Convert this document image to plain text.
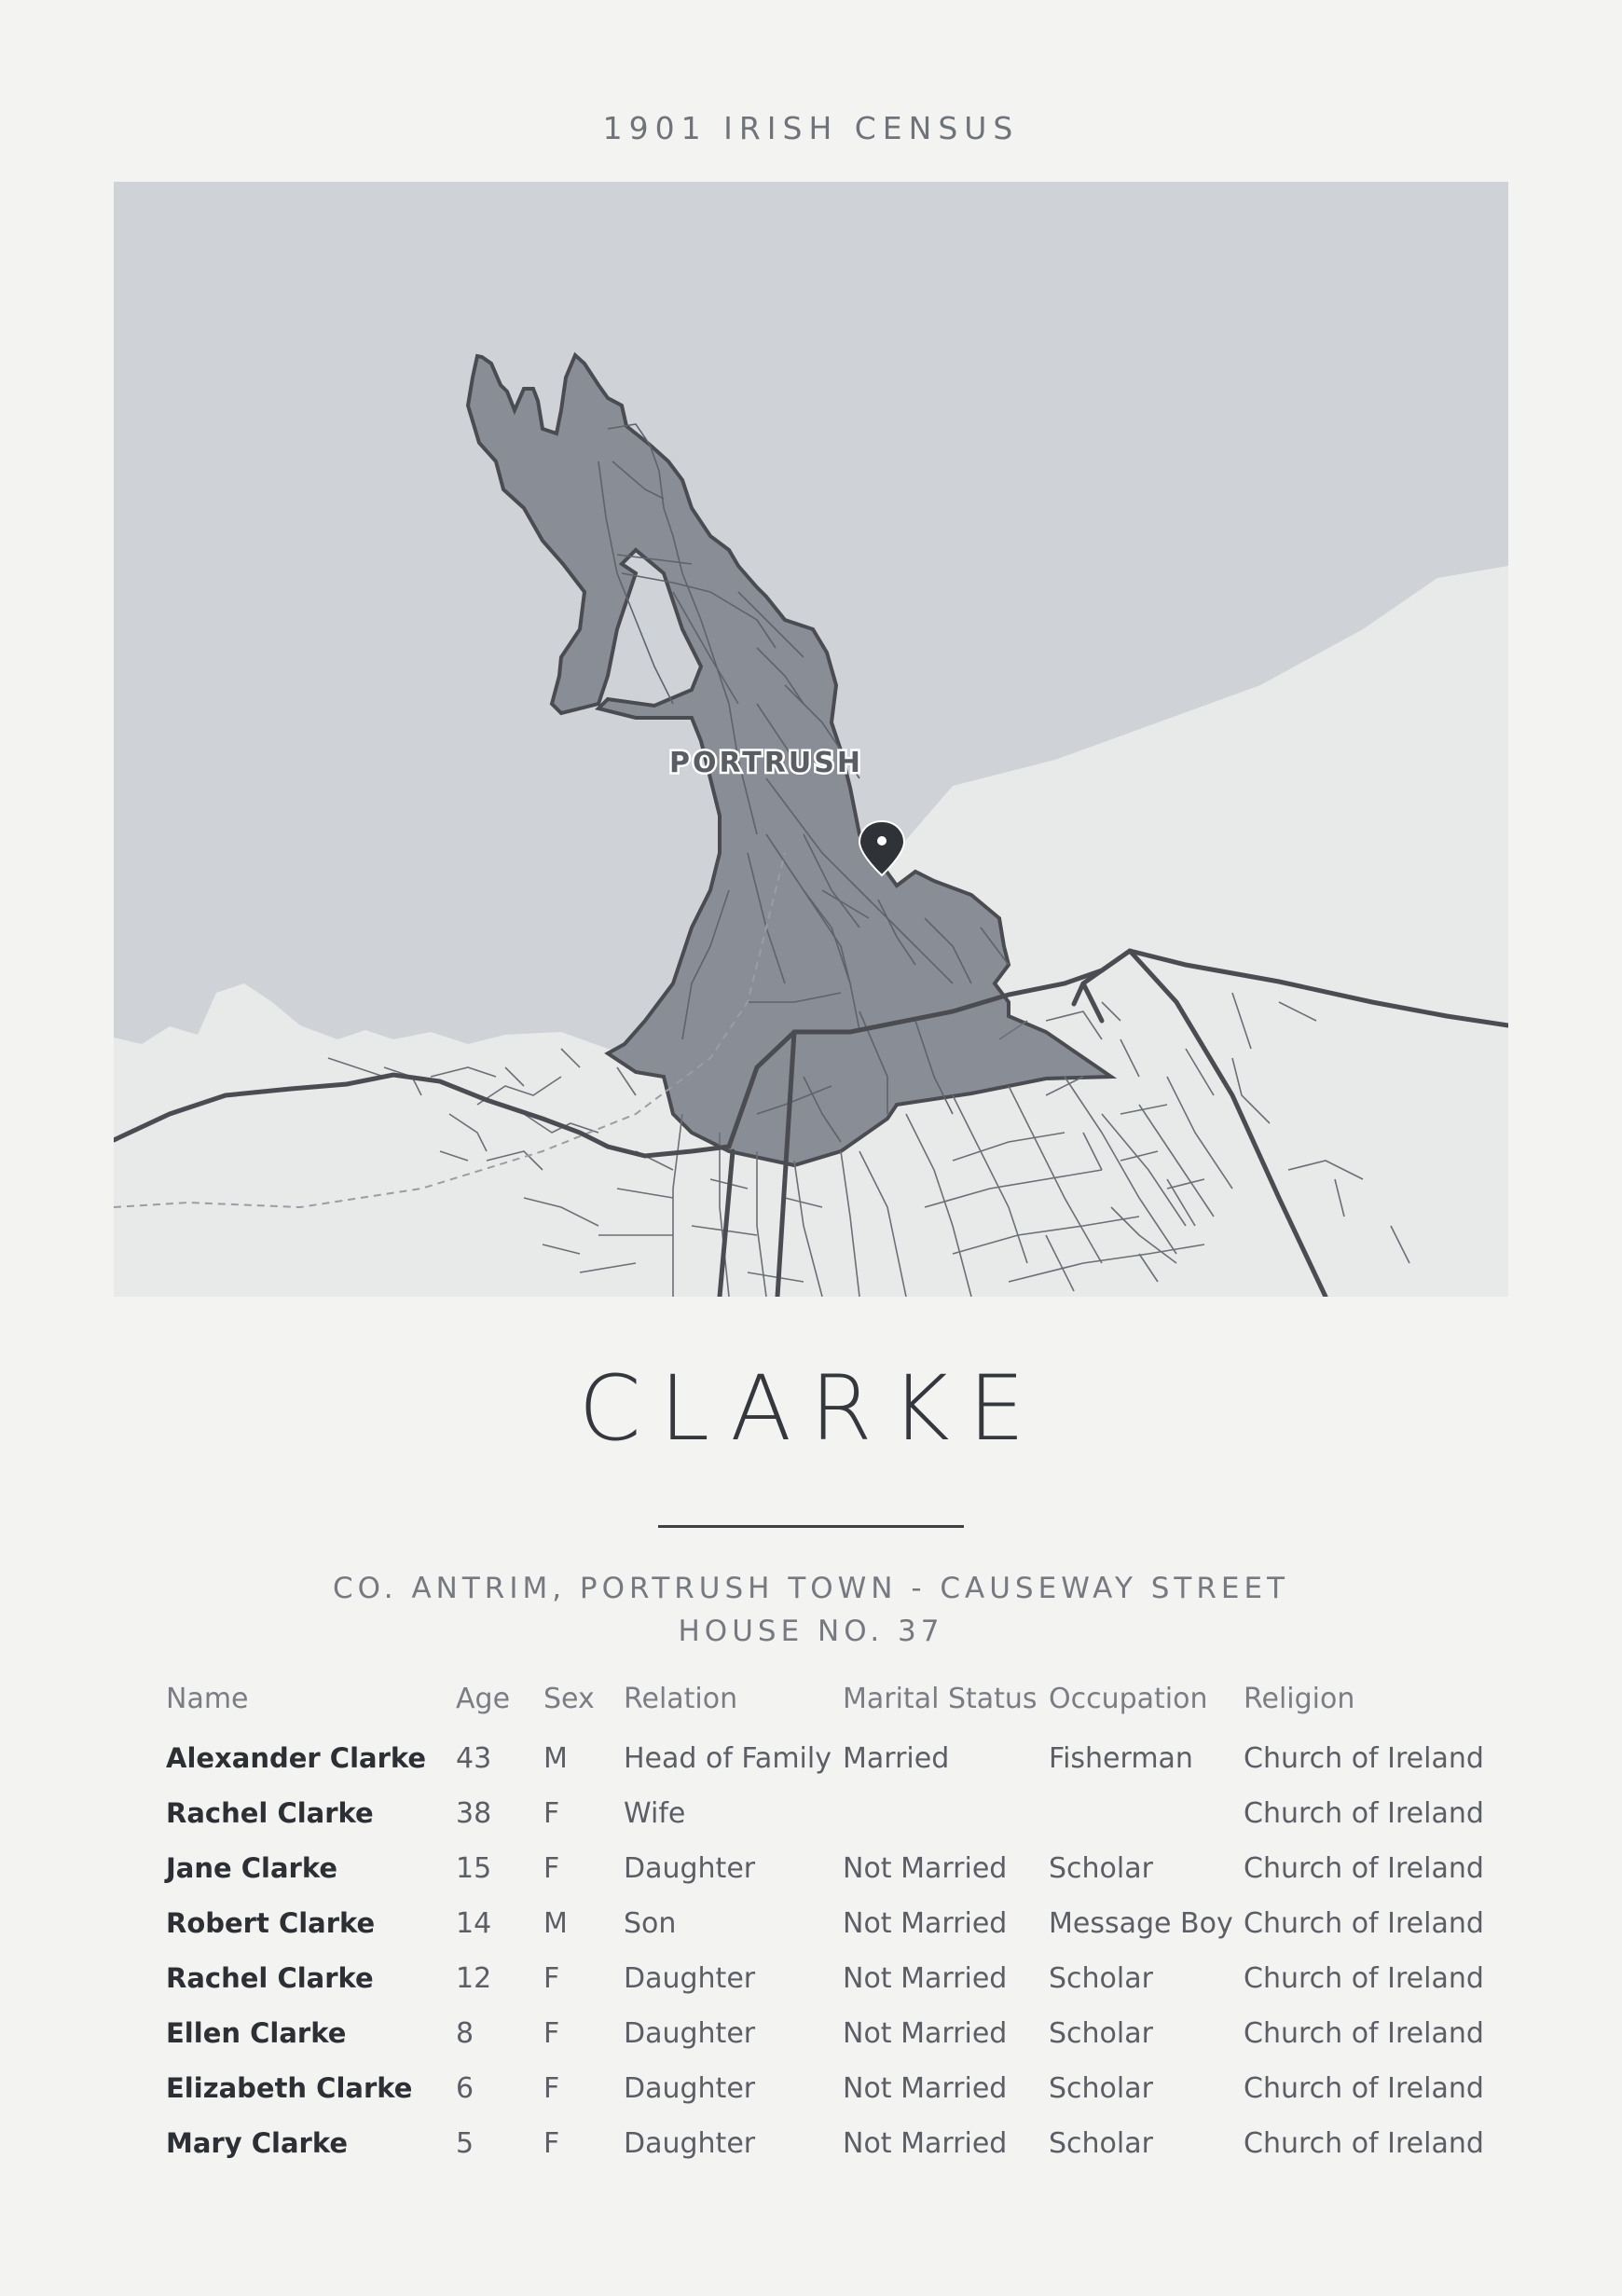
1901 IRISH CENSUS
PORTRUSH
CLARKE
CO. ANTRIM, PORTRUSH TOWN - CAUSEWAY STREET
HOUSE NO. 37
Name	Age	Sex	Relation	Marital Status	Occupation	Religion
Alexander Clarke	43	M	Head of Family	Married	Fisherman	Church of Ireland
Rachel Clarke	38	F	Wife			Church of Ireland
Jane Clarke	15	F	Daughter	Not Married	Scholar	Church of Ireland
Robert Clarke	14	M	Son	Not Married	Message Boy	Church of Ireland
Rachel Clarke	12	F	Daughter	Not Married	Scholar	Church of Ireland
Ellen Clarke	8	F	Daughter	Not Married	Scholar	Church of Ireland
Elizabeth Clarke	6	F	Daughter	Not Married	Scholar	Church of Ireland
Mary Clarke	5	F	Daughter	Not Married	Scholar	Church of Ireland
